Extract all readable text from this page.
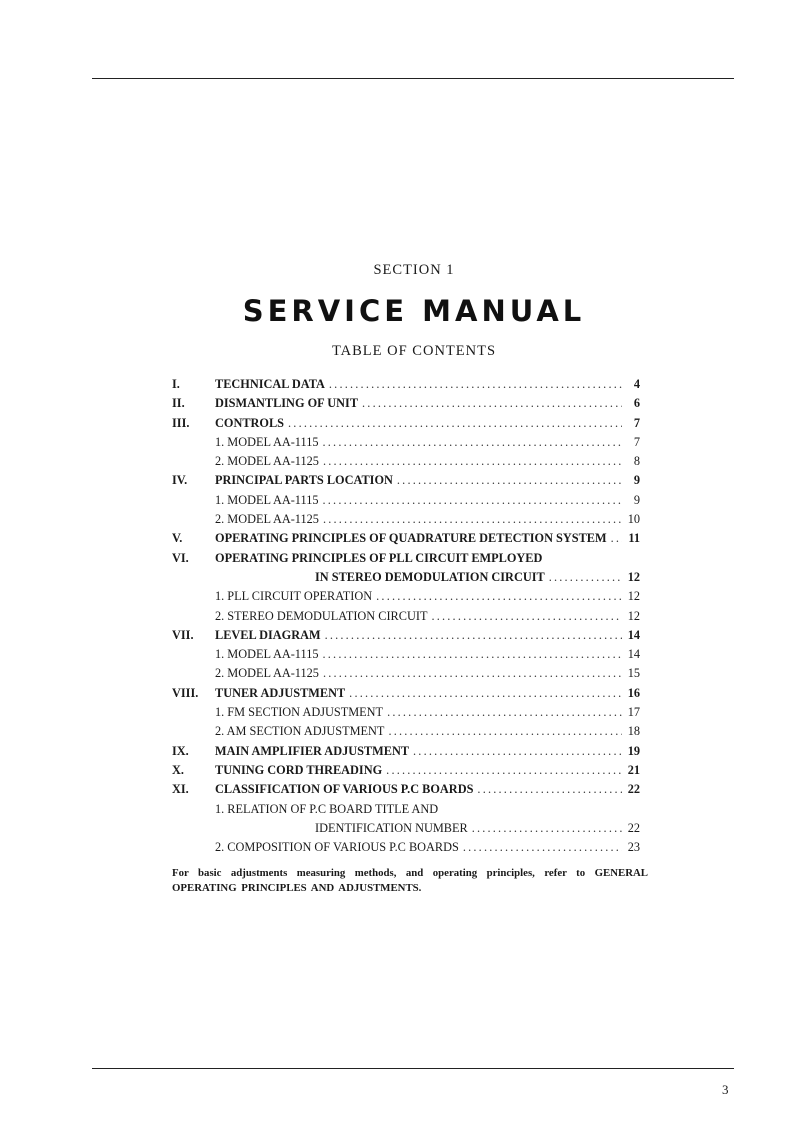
SECTION 1
SERVICE MANUAL
TABLE OF CONTENTS
I.	TECHNICAL DATA .....	4
II.	DISMANTLING OF UNIT .....	6
III.	CONTROLS .....	7
1. MODEL AA-1115 .....	7
2. MODEL AA-1125 .....	8
IV.	PRINCIPAL PARTS LOCATION .....	9
1. MODEL AA-1115 .....	9
2. MODEL AA-1125 .....	10
V.	OPERATING PRINCIPLES OF QUADRATURE DETECTION SYSTEM ..... 11
VI.	OPERATING PRINCIPLES OF PLL CIRCUIT EMPLOYED
IN STEREO DEMODULATION CIRCUIT .....	12
1. PLL CIRCUIT OPERATION .....	12
2. STEREO DEMODULATION CIRCUIT .....	12
VII.	LEVEL DIAGRAM .....	14
1. MODEL AA-1115 .....	14
2. MODEL AA-1125 .....	15
VIII.	TUNER ADJUSTMENT .....	16
1. FM SECTION ADJUSTMENT .....	17
2. AM SECTION ADJUSTMENT .....	18
IX.	MAIN AMPLIFIER ADJUSTMENT .....	19
X.	TUNING CORD THREADING .....	21
XI.	CLASSIFICATION OF VARIOUS P.C BOARDS .....	22
1. RELATION OF P.C BOARD TITLE AND
IDENTIFICATION NUMBER .....	22
2. COMPOSITION OF VARIOUS P.C BOARDS .....	23
For basic adjustments measuring methods, and operating principles, refer to GENERAL OPERATING PRINCIPLES AND ADJUSTMENTS.
3
